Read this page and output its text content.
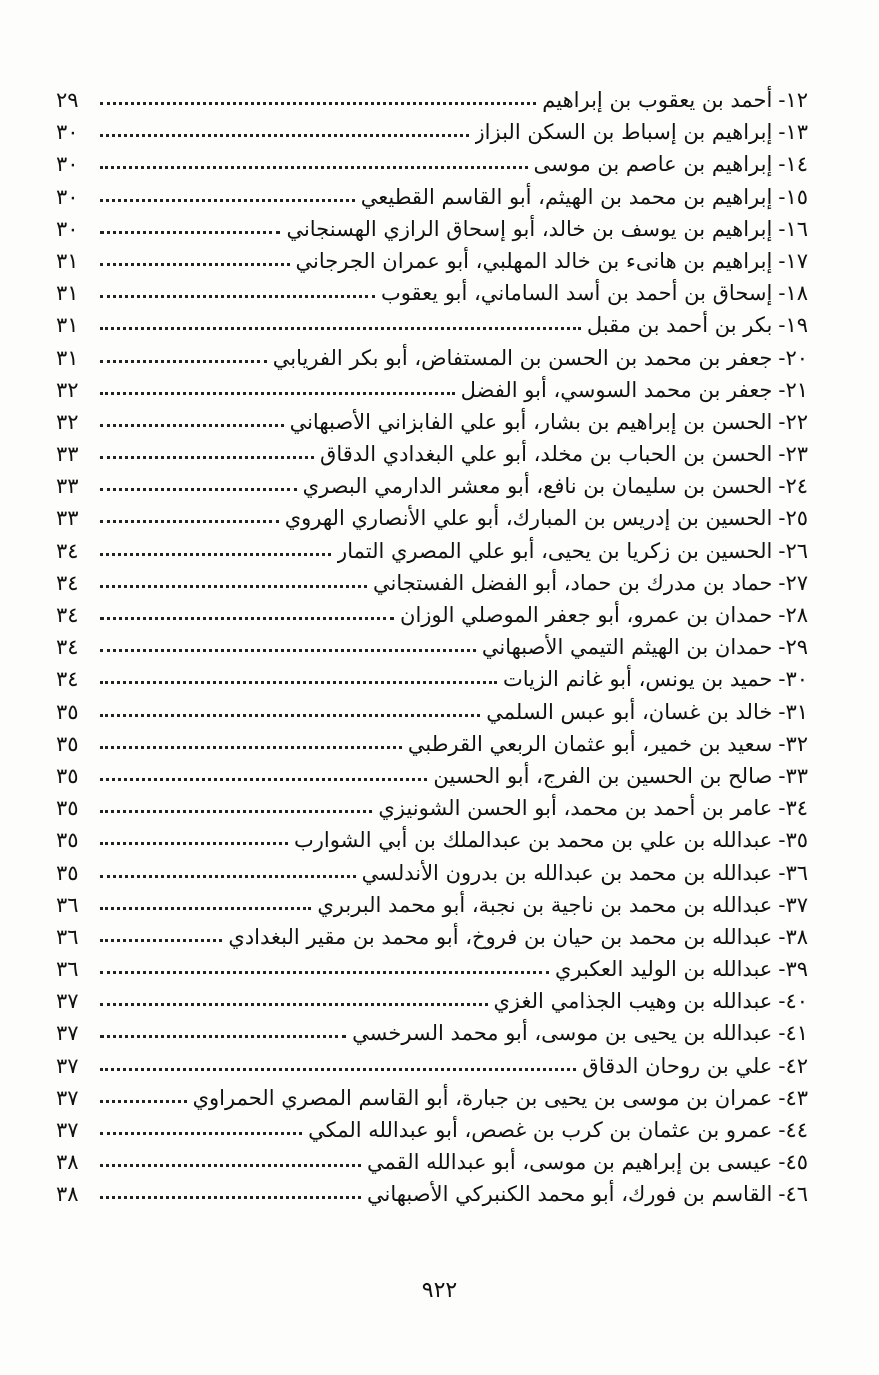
١٢
-
أحمد بن يعقوب بن إبراهيم
٢٩
١٣
-
إبراهيم بن إسباط بن السكن البزاز
٣٠
١٤
-
إبراهيم بن عاصم بن موسى
٣٠
١٥
-
إبراهيم بن محمد بن الهيثم، أبو القاسم القطيعي
٣٠
١٦
-
إبراهيم بن يوسف بن خالد، أبو إسحاق الرازي الهسنجاني
٣٠
١٧
-
إبراهيم بن هانىء بن خالد المهلبي، أبو عمران الجرجاني
٣١
١٨
-
إسحاق بن أحمد بن أسد الساماني، أبو يعقوب
٣١
١٩
-
بكر بن أحمد بن مقبل
٣١
٢٠
-
جعفر بن محمد بن الحسن بن المستفاض، أبو بكر الفريابي
٣١
٢١
-
جعفر بن محمد السوسي، أبو الفضل
٣٢
٢٢
-
الحسن بن إبراهيم بن بشار، أبو علي الفابزاني الأصبهاني
٣٢
٢٣
-
الحسن بن الحباب بن مخلد، أبو علي البغدادي الدقاق
٣٣
٢٤
-
الحسن بن سليمان بن نافع، أبو معشر الدارمي البصري
٣٣
٢٥
-
الحسين بن إدريس بن المبارك، أبو علي الأنصاري الهروي
٣٣
٢٦
-
الحسين بن زكريا بن يحيى، أبو علي المصري التمار
٣٤
٢٧
-
حماد بن مدرك بن حماد، أبو الفضل الفستجاني
٣٤
٢٨
-
حمدان بن عمرو، أبو جعفر الموصلي الوزان
٣٤
٢٩
-
حمدان بن الهيثم التيمي الأصبهاني
٣٤
٣٠
-
حميد بن يونس، أبو غانم الزيات
٣٤
٣١
-
خالد بن غسان، أبو عبس السلمي
٣٥
٣٢
-
سعيد بن خمير، أبو عثمان الربعي القرطبي
٣٥
٣٣
-
صالح بن الحسين بن الفرج، أبو الحسين
٣٥
٣٤
-
عامر بن أحمد بن محمد، أبو الحسن الشونيزي
٣٥
٣٥
-
عبدالله بن علي بن محمد بن عبدالملك بن أبي الشوارب
٣٥
٣٦
-
عبدالله بن محمد بن عبدالله بن بدرون الأندلسي
٣٥
٣٧
-
عبدالله بن محمد بن ناجية بن نجبة، أبو محمد البربري
٣٦
٣٨
-
عبدالله بن محمد بن حيان بن فروخ، أبو محمد بن مقير البغدادي
٣٦
٣٩
-
عبدالله بن الوليد العكبري
٣٦
٤٠
-
عبدالله بن وهيب الجذامي الغزي
٣٧
٤١
-
عبدالله بن يحيى بن موسى، أبو محمد السرخسي
٣٧
٤٢
-
علي بن روحان الدقاق
٣٧
٤٣
-
عمران بن موسى بن يحيى بن جبارة، أبو القاسم المصري الحمراوي
٣٧
٤٤
-
عمرو بن عثمان بن كرب بن غصص، أبو عبدالله المكي
٣٧
٤٥
-
عيسى بن إبراهيم بن موسى، أبو عبدالله القمي
٣٨
٤٦
-
القاسم بن فورك، أبو محمد الكنبركي الأصبهاني
٣٨
٩٢٢
